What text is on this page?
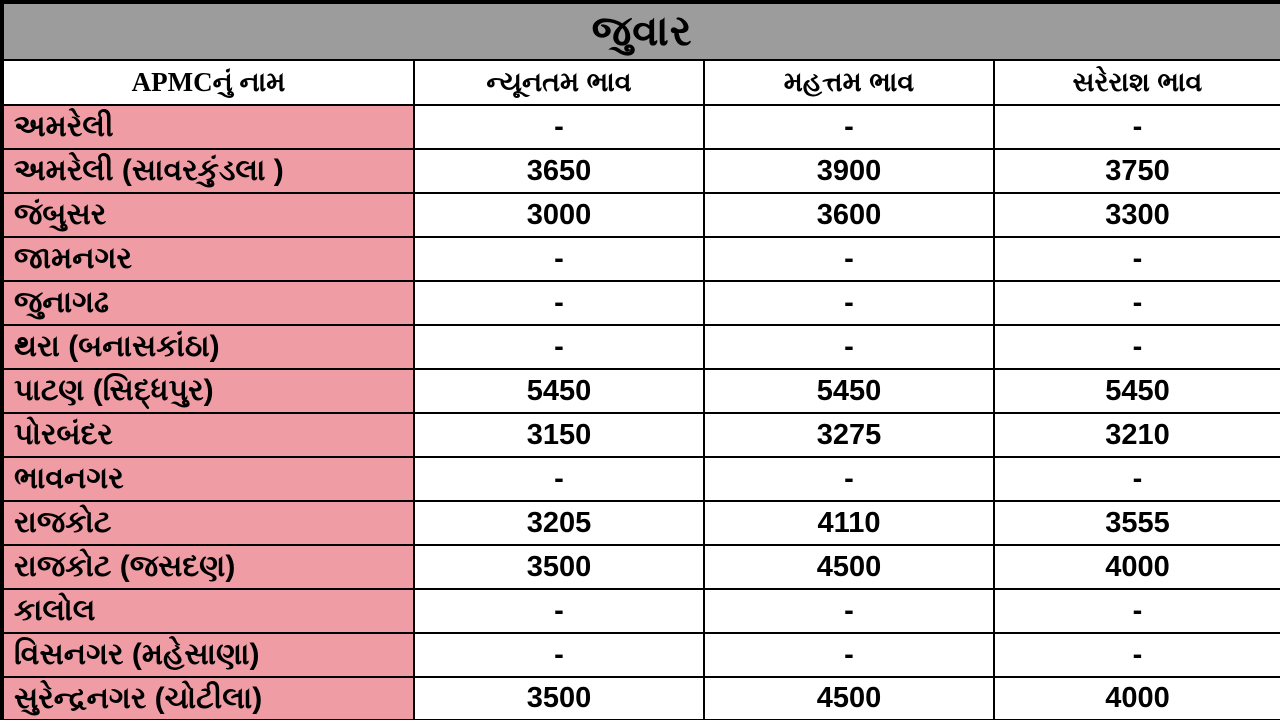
જુવાર			
APMCનું નામ	ન્યૂનતમ ભાવ	મહત્તમ ભાવ	સરેરાશ ભાવ
અમરેલી	-	-	-
અમરેલી (સાવરકુંડલા )	3650	3900	3750
જંબુસર	3000	3600	3300
જામનગર	-	-	-
જુનાગઢ	-	-	-
થરા (બનાસકાંઠા)	-	-	-
પાટણ (સિદ્ધપુર)	5450	5450	5450
પોરબંદર	3150	3275	3210
ભાવનગર	-	-	-
રાજકોટ	3205	4110	3555
રાજકોટ (જસદણ)	3500	4500	4000
કાલોલ	-	-	-
વિસનગર (મહેસાણા)	-	-	-
સુરેન્દ્રનગર (ચોટીલા)	3500	4500	4000
